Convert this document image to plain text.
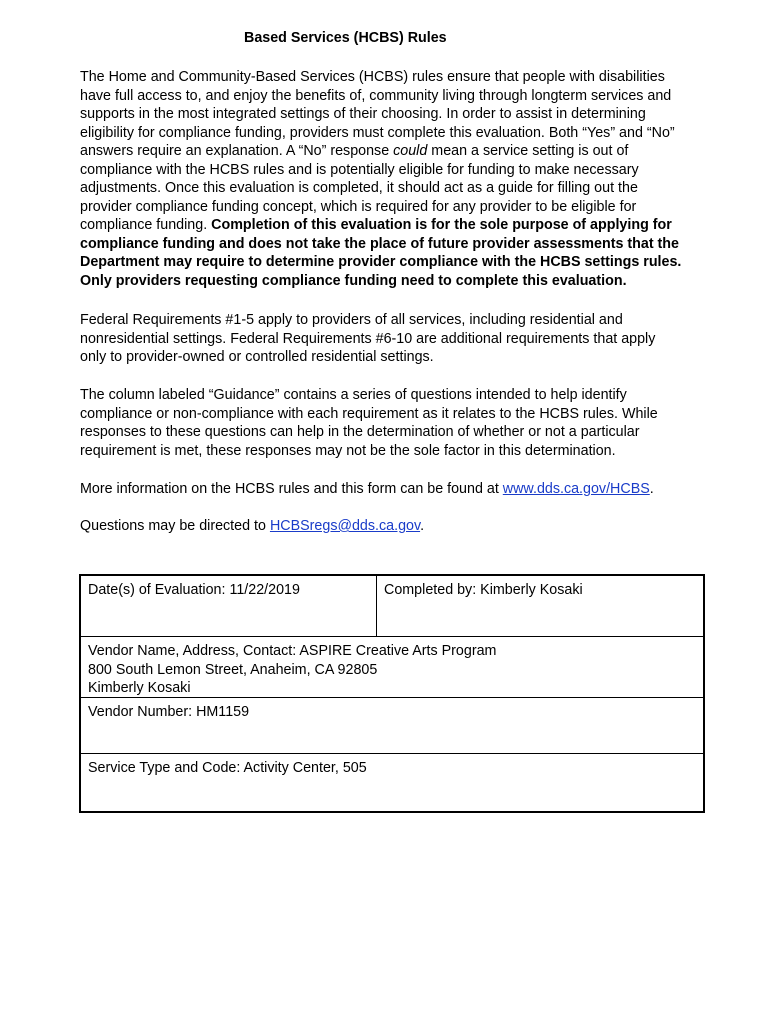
Based Services (HCBS) Rules
The Home and Community-Based Services (HCBS) rules ensure that people with disabilities
have full access to, and enjoy the benefits of, community living through longterm services and
supports in the most integrated settings of their choosing. In order to assist in determining
eligibility for compliance funding, providers must complete this evaluation. Both “Yes” and “No”
answers require an explanation. A “No” response could mean a service setting is out of
compliance with the HCBS rules and is potentially eligible for funding to make necessary
adjustments. Once this evaluation is completed, it should act as a guide for filling out the
provider compliance funding concept, which is required for any provider to be eligible for
compliance funding. Completion of this evaluation is for the sole purpose of applying for
compliance funding and does not take the place of future provider assessments that the
Department may require to determine provider compliance with the HCBS settings rules.
Only providers requesting compliance funding need to complete this evaluation.
Federal Requirements #1-5 apply to providers of all services, including residential and
nonresidential settings. Federal Requirements #6-10 are additional requirements that apply
only to provider-owned or controlled residential settings.
The column labeled “Guidance” contains a series of questions intended to help identify
compliance or non-compliance with each requirement as it relates to the HCBS rules. While
responses to these questions can help in the determination of whether or not a particular
requirement is met, these responses may not be the sole factor in this determination.
More information on the HCBS rules and this form can be found at www.dds.ca.gov/HCBS.
Questions may be directed to HCBSregs@dds.ca.gov.
Date(s) of Evaluation: 11/22/2019	Completed by: Kimberly Kosaki
Vendor Name, Address, Contact: ASPIRE Creative Arts Program
800 South Lemon Street, Anaheim, CA 92805
Kimberly Kosaki
Vendor Number: HM1159
Service Type and Code: Activity Center, 505
